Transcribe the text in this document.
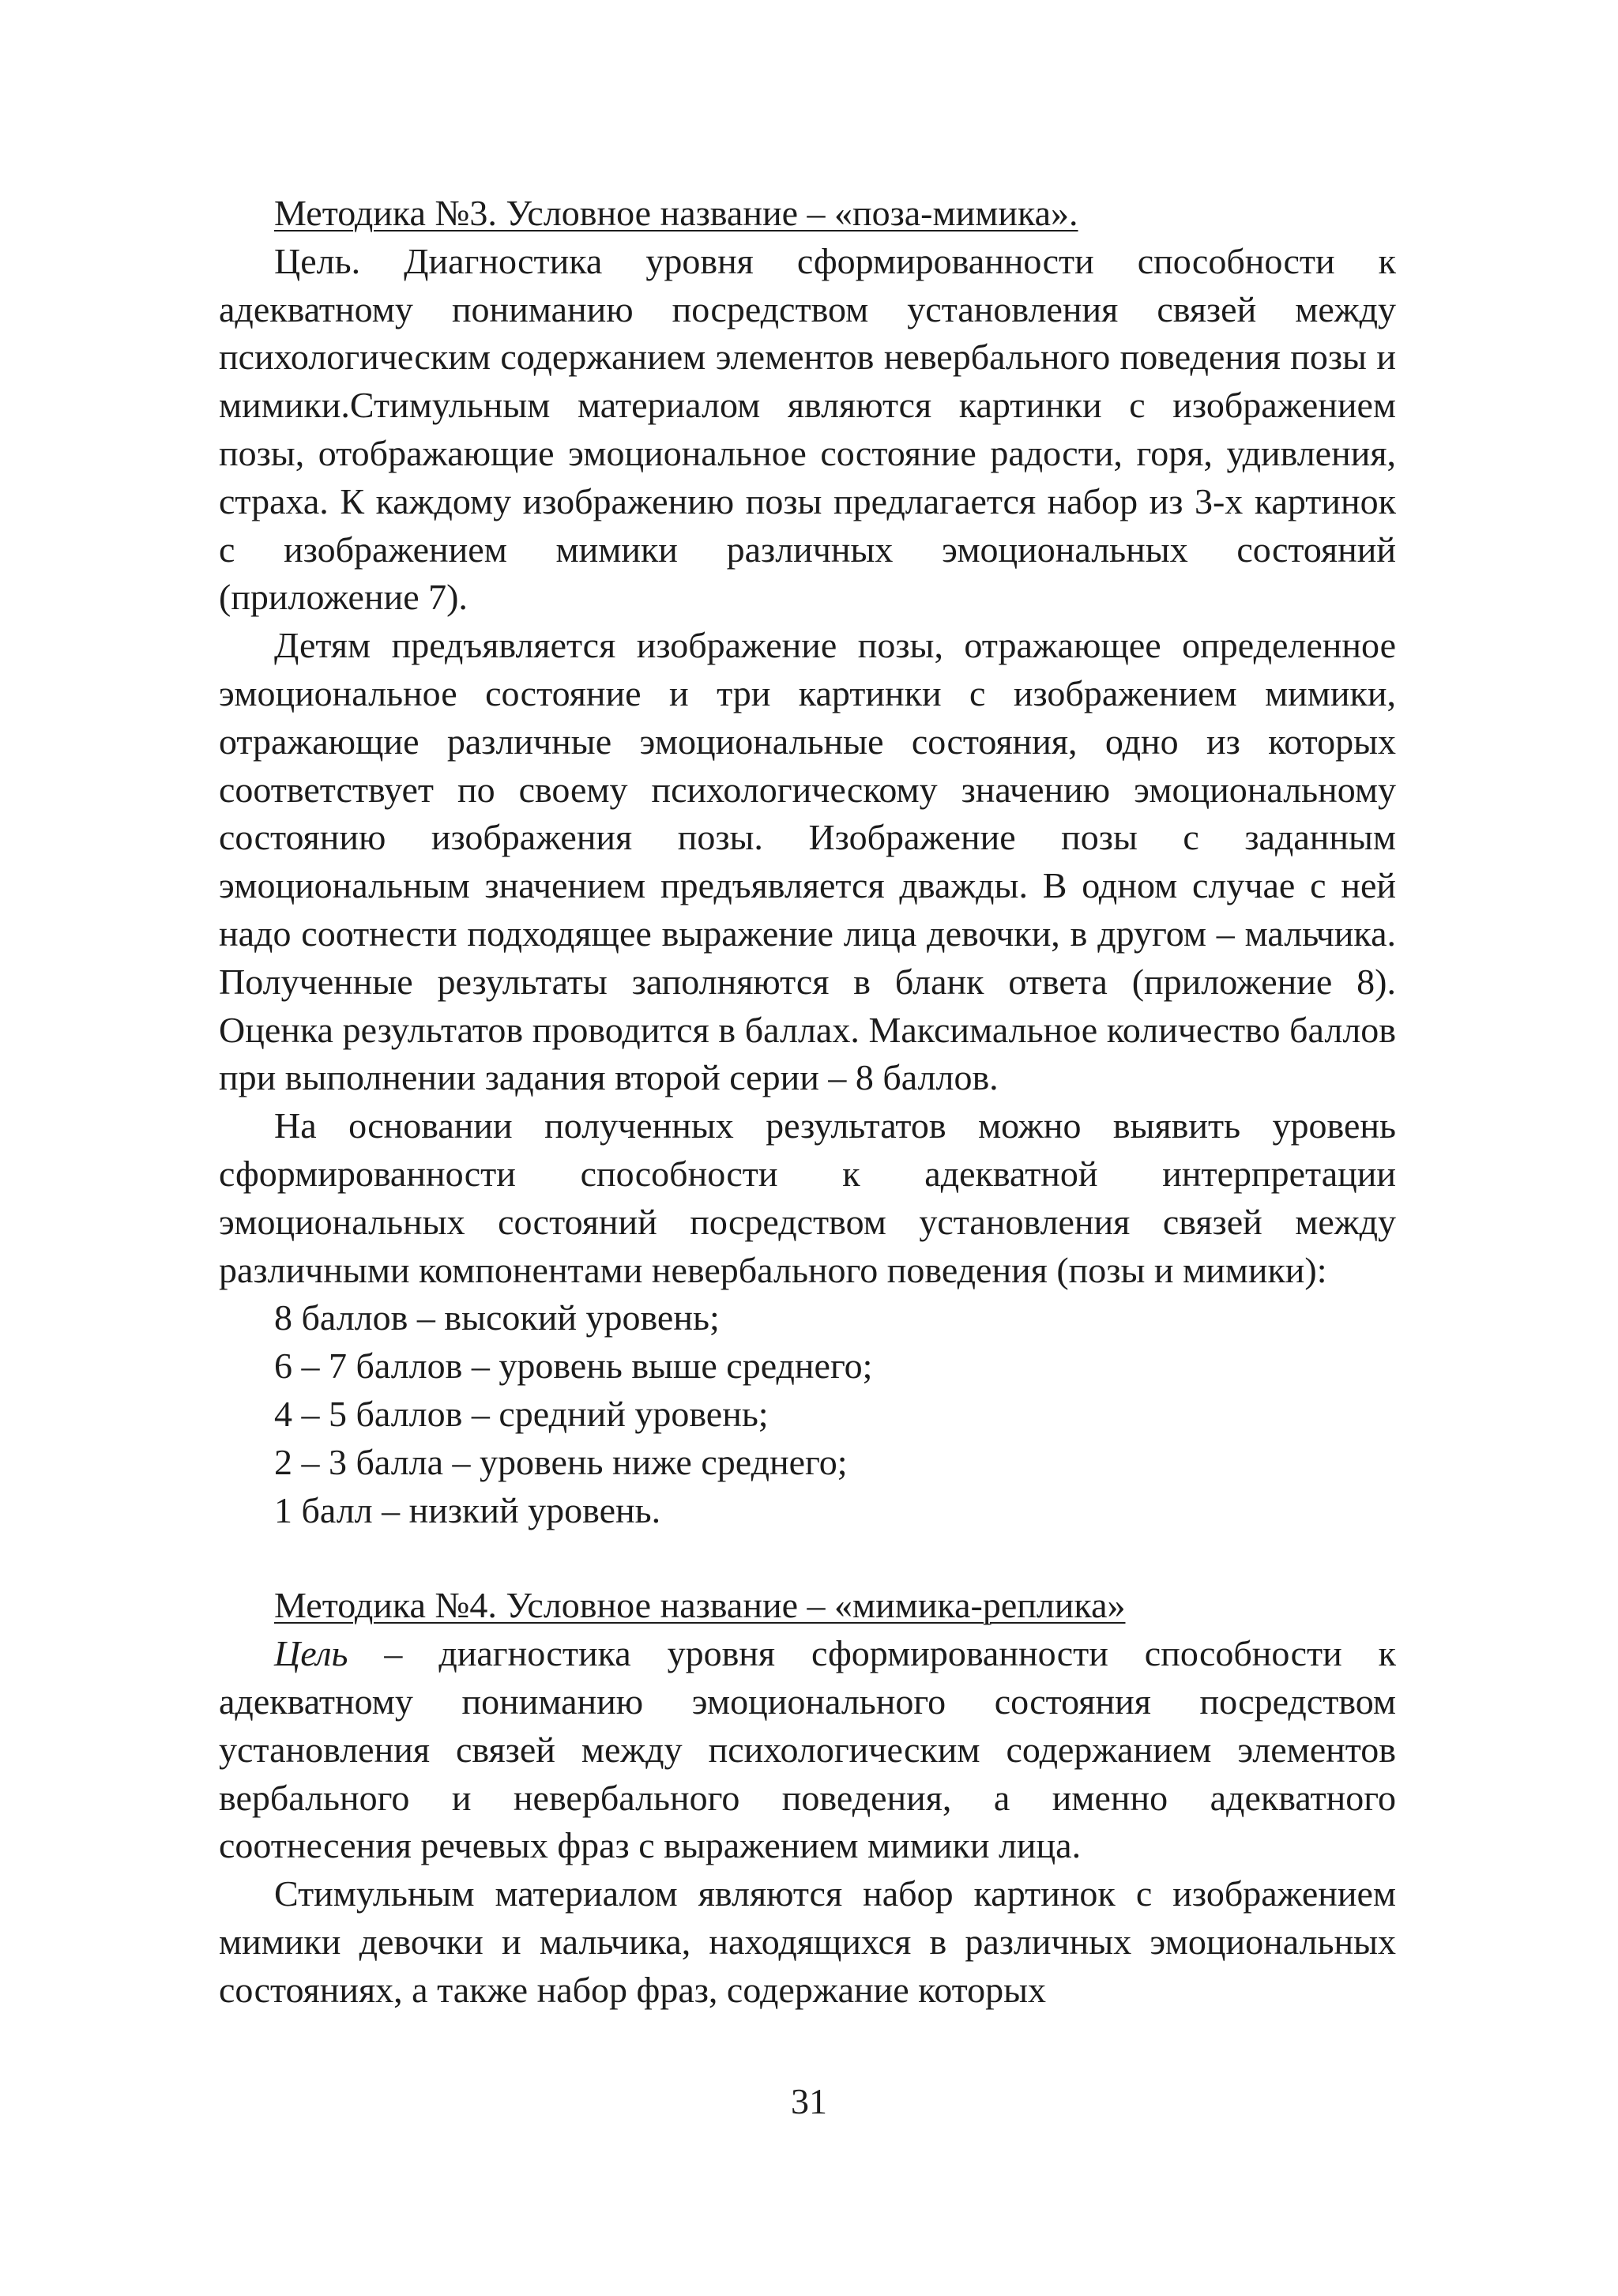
Методика №3. Условное название – «поза-мимика».

Цель. Диагностика уровня сформированности способности к адекватному пониманию посредством установления связей между психологическим содержанием элементов невербального поведения позы и мимики.Стимульным материалом являются картинки с изображением позы, отображающие эмоциональное состояние радости, горя, удивления, страха. К каждому изображению позы предлагается набор из 3-х картинок с изображением мимики различных эмоциональных состояний (приложение 7).

Детям предъявляется изображение позы, отражающее определенное эмоциональное состояние и три картинки с изображением мимики, отражающие различные эмоциональные состояния, одно из которых соответствует по своему психологическому значению эмоциональному состоянию изображения позы. Изображение позы с заданным эмоциональным значением предъявляется дважды. В одном случае с ней надо соотнести подходящее выражение лица девочки, в другом – мальчика. Полученные результаты заполняются в бланк ответа (приложение 8). Оценка результатов проводится в баллах. Максимальное количество баллов при выполнении задания второй серии – 8 баллов.

На основании полученных результатов можно выявить уровень сформированности способности к адекватной интерпретации эмоциональных состояний посредством установления связей между различными компонентами невербального поведения (позы и мимики):

8 баллов – высокий уровень;
6 – 7 баллов – уровень выше среднего;
4 – 5 баллов – средний уровень;
2 – 3 балла – уровень ниже среднего;
1 балл – низкий уровень.
Методика №4. Условное название – «мимика-реплика»

Цель – диагностика уровня сформированности способности к адекватному пониманию эмоционального состояния посредством установления связей между психологическим содержанием элементов вербального и невербального поведения, а именно адекватного соотнесения речевых фраз с выражением мимики лица.

Стимульным материалом являются набор картинок с изображением мимики девочки и мальчика, находящихся в различных эмоциональных состояниях, а также набор фраз, содержание которых

31
